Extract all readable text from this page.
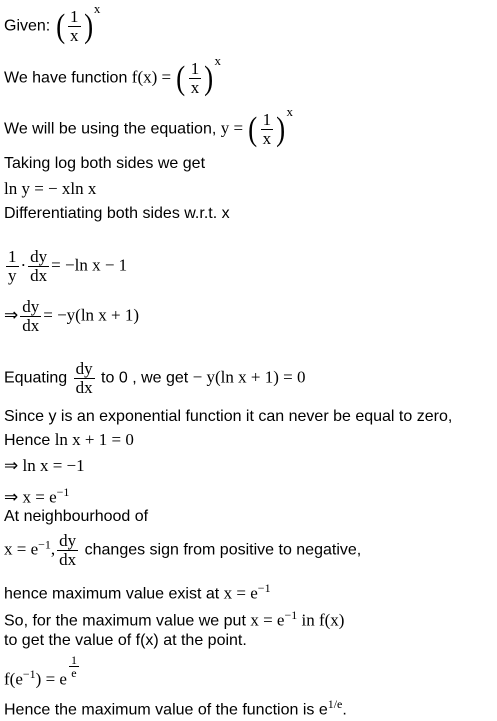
Given: ( $\frac{1}{x} )^x$
We have function f(x) = ( $\frac{1}{x} )^x$
We will be using the equation, y = ( $\frac{1}{x} )^x$
Taking log both sides we get
ln y = − xln x
Differentiating both sides w.r.t. x
$\frac{1}{y} \cdot \frac{dy}{dx} = -\ln$ x − 1
⇒ $\frac{dy}{dx} = -y(\ln$ x + 1)
Equating $\frac{dy}{dx}$ to 0 , we get − y(ln x + 1) = 0
Since y is an exponential function it can never be equal to zero,
Hence ln x + 1 = 0
⇒ ln x = −1
⇒ $x = e^{-1}$
At neighbourhood of
$x = e^{-1}$, $\frac{dy}{dx}$ changes sign from positive to negative,
hence maximum value exist at $x = e^{-1}$
So, for the maximum value we put $x = e^{-1}$ in f(x)
to get the value of f(x) at the point.
$f(e^{-1}) = e$
$\frac{1}{e}$
Hence the maximum value of the function is $e^{1/e}$.
